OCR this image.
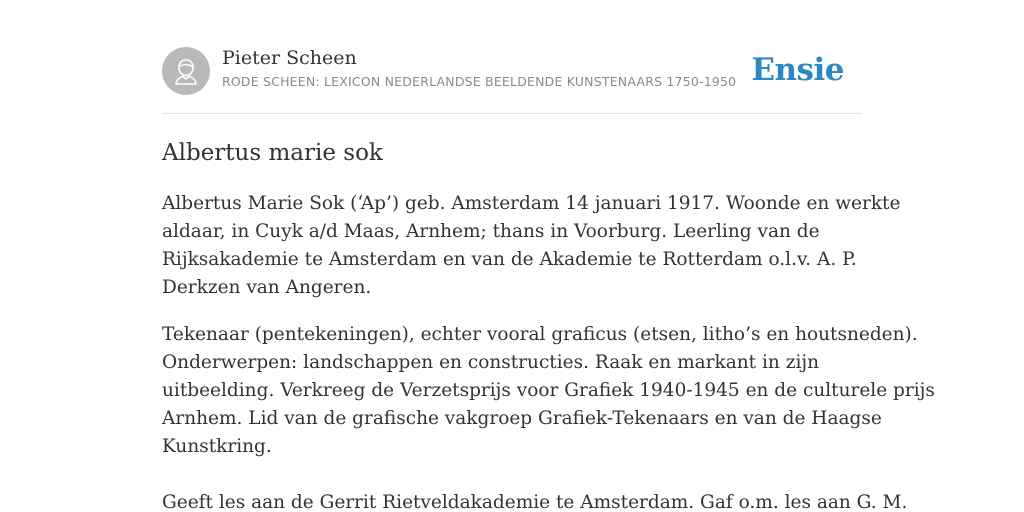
Pieter Scheen
RODE SCHEEN: LEXICON NEDERLANDSE BEELDENDE KUNSTENAARS 1750-1950 Ensie
Albertus marie sok

Albertus Marie Sok (‘Ap’) geb. Amsterdam 14 januari 1917. Woonde en werkte
aldaar, in Cuyk a/d Maas, Arnhem; thans in Voorburg. Leerling van de
Rijksakademie te Amsterdam en van de Akademie te Rotterdam o.l.v. A. P.
Derkzen van Angeren.

Tekenaar (pentekeningen), echter vooral graficus (etsen, litho’s en houtsneden).
Onderwerpen: landschappen en constructies. Raak en markant in zijn
uitbeelding. Verkreeg de Verzetsprijs voor Grafiek 1940-1945 en de culturele prijs
Arnhem. Lid van de grafische vakgroep Grafiek-Tekenaars en van de Haagse
Kunstkring.

Geeft les aan de Gerrit Rietveldakademie te Amsterdam. Gaf o.m. les aan G. M.
